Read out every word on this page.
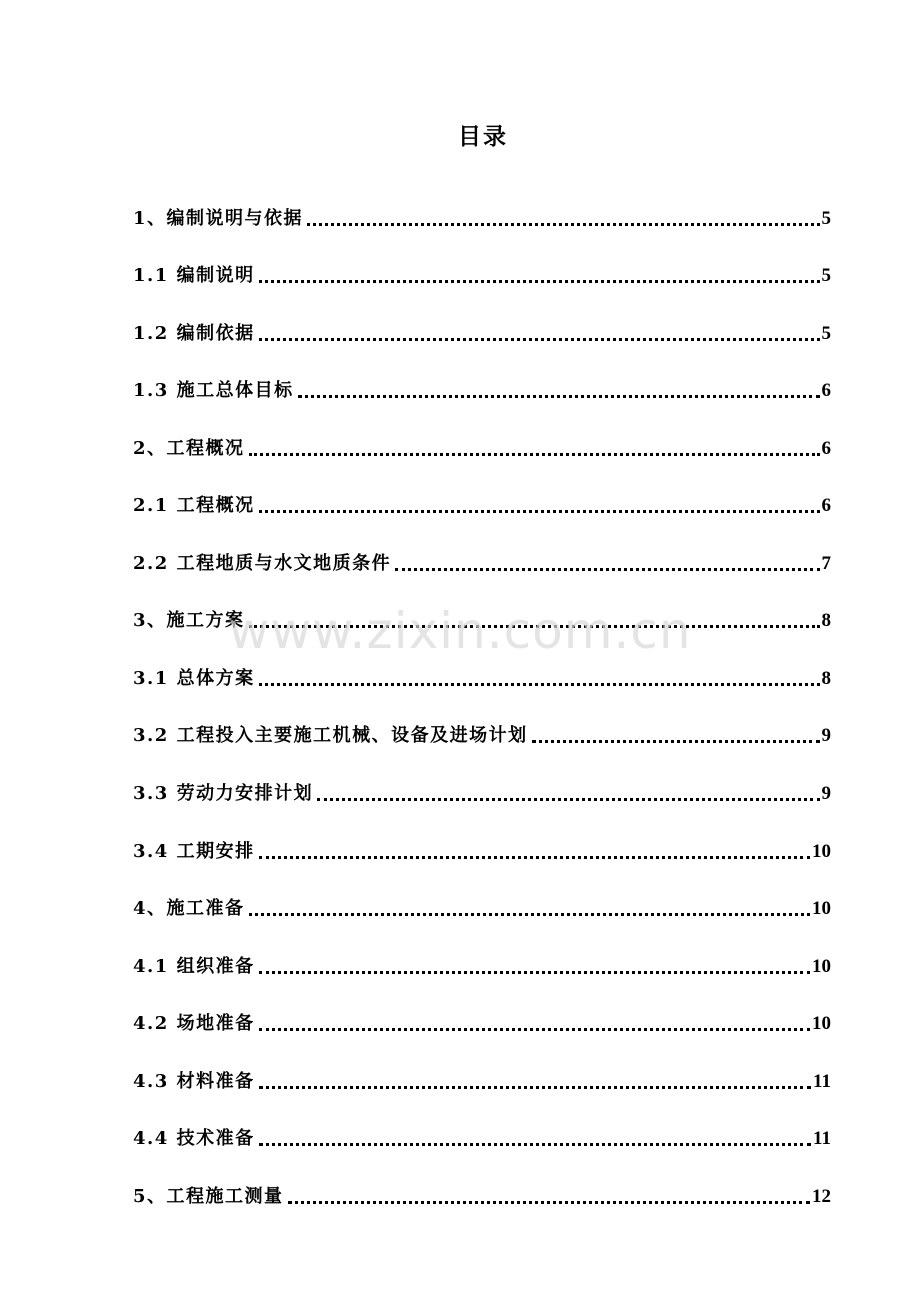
目录
1、编制说明与依据	5
1.1 编制说明	5
1.2 编制依据	5
1.3 施工总体目标	6
2、工程概况	6
2.1 工程概况	6
2.2 工程地质与水文地质条件	7
3、施工方案	8
3.1 总体方案	8
3.2 工程投入主要施工机械、设备及进场计划	9
3.3 劳动力安排计划	9
3.4 工期安排	10
4、施工准备	10
4.1 组织准备	10
4.2 场地准备	10
4.3 材料准备	11
4.4 技术准备	11
5、工程施工测量	12
www.zixin.com.cn
